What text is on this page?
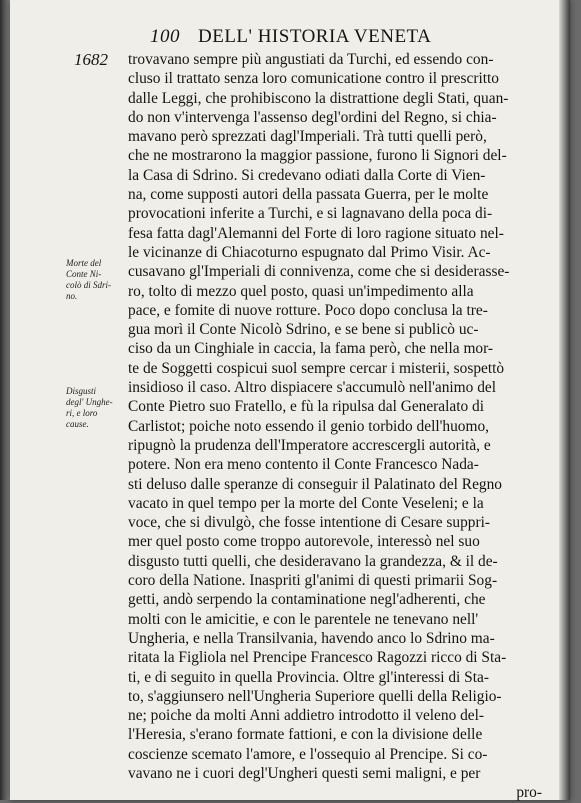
100 DELL' HISTORIA VENETA
1682
Morte del
Conte Ni-
colò di Sdri-
no.
Disgusti
degl' Unghe-
ri, e loro
cause.
trovavano sempre più angustiati da Turchi, ed essendo con-
cluso il trattato senza loro comunicatione contro il prescritto
dalle Leggi, che prohibiscono la distrattione degli Stati, quan-
do non v'intervenga l'assenso degl'ordini del Regno, si chia-
mavano però sprezzati dagl'Imperiali. Trà tutti quelli però,
che ne mostrarono la maggior passione, furono li Signori del-
la Casa di Sdrino. Si credevano odiati dalla Corte di Vien-
na, come supposti autori della passata Guerra, per le molte
provocationi inferite a Turchi, e si lagnavano della poca di-
fesa fatta dagl'Alemanni del Forte di loro ragione situato nel-
le vicinanze di Chiacoturno espugnato dal Primo Visir. Ac-
cusavano gl'Imperiali di connivenza, come che si desiderasse-
ro, tolto di mezzo quel posto, quasi un'impedimento alla
pace, e fomite di nuove rotture. Poco dopo conclusa la tre-
gua morì il Conte Nicolò Sdrino, e se bene si publicò uc-
ciso da un Cinghiale in caccia, la fama però, che nella mor-
te de Soggetti cospicui suol sempre cercar i misterii, sospettò
insidioso il caso. Altro dispiacere s'accumulò nell'animo del
Conte Pietro suo Fratello, e fù la ripulsa dal Generalato di
Carlistot; poiche noto essendo il genio torbido dell'huomo,
ripugnò la prudenza dell'Imperatore accrescergli autorità, e
potere. Non era meno contento il Conte Francesco Nada-
sti deluso dalle speranze di conseguir il Palatinato del Regno
vacato in quel tempo per la morte del Conte Veseleni; e la
voce, che si divulgò, che fosse intentione di Cesare suppri-
mer quel posto come troppo autorevole, interessò nel suo
disgusto tutti quelli, che desideravano la grandezza, & il de-
coro della Natione. Inaspriti gl'animi di questi primarii Sog-
getti, andò serpendo la contaminatione negl'adherenti, che
molti con le amicitie, e con le parentele ne tenevano nell'
Ungheria, e nella Transilvania, havendo anco lo Sdrino ma-
ritata la Figliola nel Prencipe Francesco Ragozzi ricco di Sta-
ti, e di seguito in quella Provincia. Oltre gl'interessi di Sta-
to, s'aggiunsero nell'Ungheria Superiore quelli della Religio-
ne; poiche da molti Anni addietro introdotto il veleno del-
l'Heresia, s'erano formate fattioni, e con la divisione delle
coscienze scemato l'amore, e l'ossequio al Prencipe. Si co-
vavano ne i cuori degl'Ungheri questi semi maligni, e per
pro-
